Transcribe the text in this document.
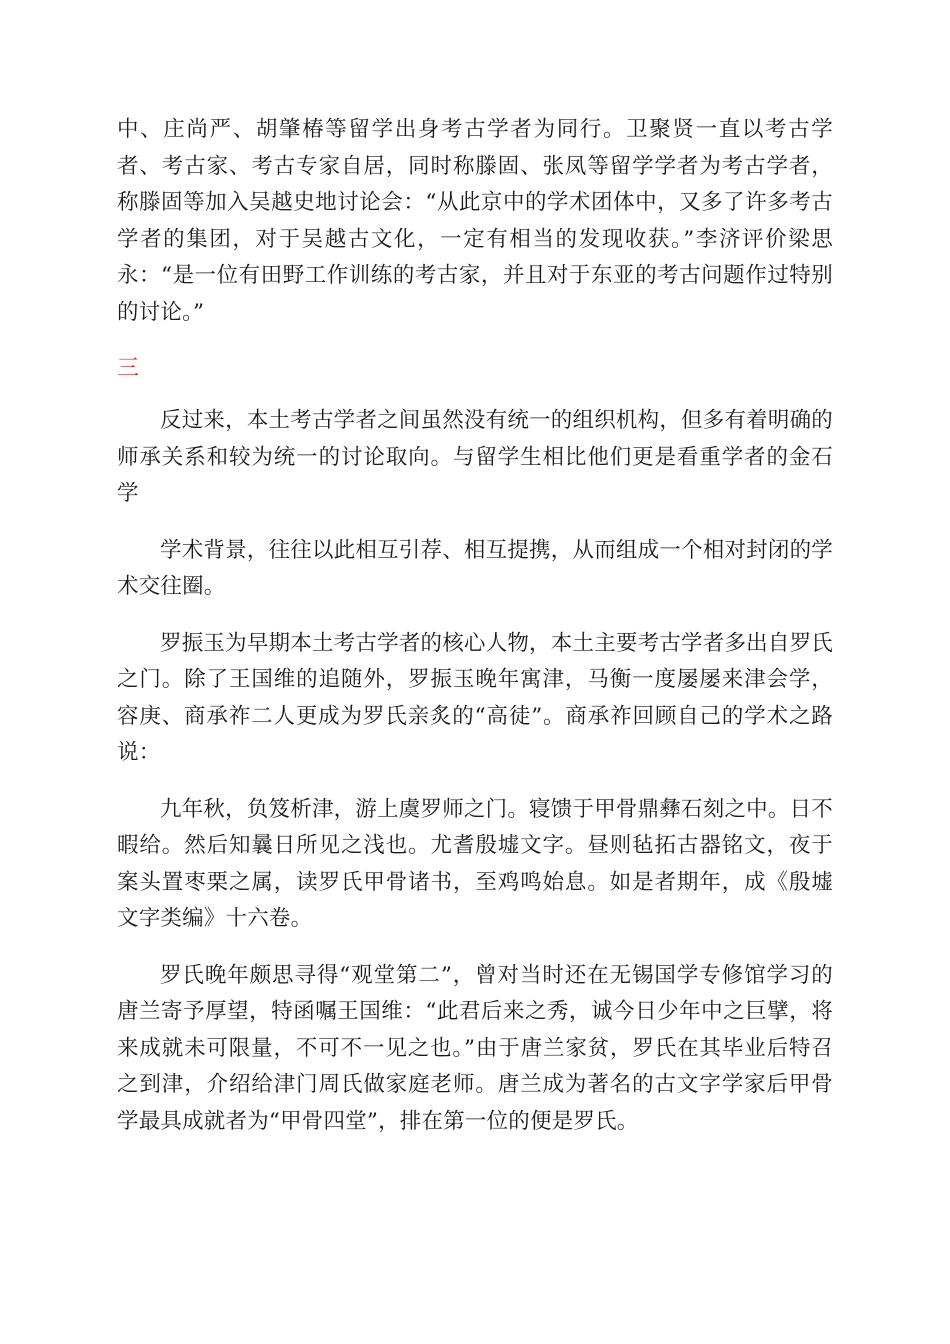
中、庄尚严、胡肇椿等留学出身考古学者为同行。卫聚贤一直以考古学者、考古家、考古专家自居，同时称滕固、张凤等留学学者为考古学者，称滕固等加入吴越史地讨论会：“从此京中的学术团体中，又多了许多考古学者的集团，对于吴越古文化，一定有相当的发现收获。”李济评价梁思永：“是一位有田野工作训练的考古家，并且对于东亚的考古问题作过特别的讨论。”

三

反过来，本土考古学者之间虽然没有统一的组织机构，但多有着明确的师承关系和较为统一的讨论取向。与留学生相比他们更是看重学者的金石学

学术背景，往往以此相互引荐、相互提携，从而组成一个相对封闭的学术交往圈。

罗振玉为早期本土考古学者的核心人物，本土主要考古学者多出自罗氏之门。除了王国维的追随外，罗振玉晚年寓津，马衡一度屡屡来津会学，容庚、商承祚二人更成为罗氏亲炙的“高徒”。商承祚回顾自己的学术之路说：

九年秋，负笈析津，游上虞罗师之门。寝馈于甲骨鼎彝石刻之中。日不暇给。然后知曩日所见之浅也。尤耆殷墟文字。昼则毡拓古器铭文，夜于案头置枣栗之属，读罗氏甲骨诸书，至鸡鸣始息。如是者期年，成《殷墟文字类编》十六卷。

罗氏晚年颇思寻得“观堂第二”，曾对当时还在无锡国学专修馆学习的唐兰寄予厚望，特函嘱王国维：“此君后来之秀，诚今日少年中之巨擘，将来成就未可限量，不可不一见之也。”由于唐兰家贫，罗氏在其毕业后特召之到津，介绍给津门周氏做家庭老师。唐兰成为著名的古文字学家后甲骨学最具成就者为“甲骨四堂”，排在第一位的便是罗氏。
